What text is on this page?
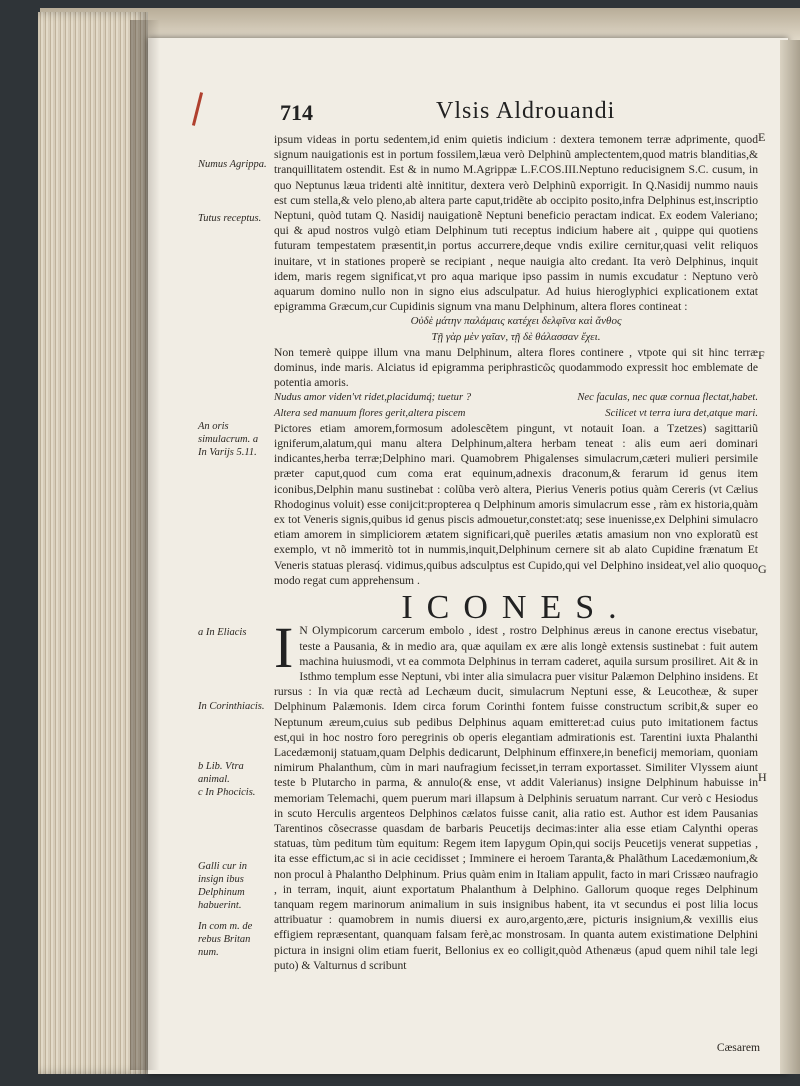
714	Vlsis Aldrouandi

ipsum videas in portu sedentem,id enim quietis indicium : dextera temonem terræ adprimente, quod signum nauigationis est in portum fossilem,læua verò Delphinũ amplectentem,quod matris blanditias,& tranquillitatem ostendit. Est & in numo M.Agrippæ L.F.COS.III.Neptuno reducisignem S.C. cusum, in quo Neptunus læua tridenti altè innititur, dextera verò Delphinũ exporrigit. In Q.Nasidij nummo nauis est cum stella,& velo pleno,ab altera parte caput,tridẽte ab occipito posito,infra Delphinus est,inscriptio Neptuni, quòd tutam Q. Nasidij nauigationẽ Neptuni beneficio peractam indicat. Ex eodem Valeriano; qui & apud nostros vulgò etiam Delphinum tuti receptus indicium habere ait , quippe qui quotiens futuram tempestatem præsentit,in portus accurrere,deque vndis exilire cernitur,quasi velit reliquos inuitare, vt in stationes properè se recipiant , neque nauigia alto credant. Ita verò Delphinus, inquit idem, maris regem significat,vt pro aqua marique ipso passim in numis excudatur : Neptuno verò aquarum domino nullo non in signo eius adsculpatur. Ad huius hieroglyphici explicationem extat epigramma Græcum,cur Cupidinis signum vna manu Delphinum, altera flores contineat :

Οὐδὲ μάτην παλάμαις κατέχει δελφῖνα καὶ ἄνθος
Τῇ γὰρ μὲν γαῖαν, τῇ δὲ θάλασσαν ἔχει.

Non temerè quippe illum vna manu Delphinum, altera flores continere , vtpote qui sit hinc terræ dominus, inde maris. Alciatus id epigramma periphrasticῶς quodammodo expressit hoc emblemate de potentia amoris.

Nudus amor viden'vt ridet,placidumq́; tuetur ?	Nec faculas, nec quæ cornua flectat,habet.
Altera sed manuum flores gerit,altera piscem	Scilicet vt terra iura det,atque mari.

Pictores etiam amorem,formosum adolescẽtem pingunt, vt notauit Ioan. a Tzetzes) sagittariũ igniferum,alatum,qui manu altera Delphinum,altera herbam teneat : alis eum aeri dominari indicantes,herba terræ;Delphino mari. Quamobrem Phigalenses simulacrum,cæteri mulieri persimile præter caput,quod cum coma erat equinum,adnexis draconum,& ferarum id genus item iconibus,Delphin manu sustinebat : colũba verò altera, Pierius Veneris potius quàm Cereris (vt Cælius Rhodoginus voluit) esse conijcit:propterea q Delphinum amoris simulacrum esse , ràm ex historia,quàm ex tot Veneris signis,quibus id genus piscis admouetur,constet:atq; sese inuenisse,ex Delphini simulacro etiam amorem in simpliciorem ætatem significari,quẽ pueriles ætatis amasium non vno exploratũ est exemplo, vt nõ immeritò tot in nummis,inquit,Delphinum cernere sit ab alato Cupidine frænatum Et Veneris statuas plerasq́. vidimus,quibus adsculptus est Cupido,qui vel Delphino insideat,vel alio quoquo modo regat cum apprehensum .

ICONES.

I N Olympicorum carcerum embolo , idest , rostro Delphinus æreus in canone erectus visebatur, teste a Pausania, & in medio ara, quæ aquilam ex ære alis longè extensis sustinebat : fuit autem machina huiusmodi, vt ea commota Delphinus in terram caderet, aquila sursum prosiliret. Ait & in Isthmo templum esse Neptuni, vbi inter alia simulacra puer visitur Palæmon Delphino insidens. Et rursus : In via quæ rectà ad Lechæum ducit, simulacrum Neptuni esse, & Leucotheæ, & super Delphinum Palæmonis. Idem circa forum Corinthi fontem fuisse constructum scribit,& super eo Neptunum æreum,cuius sub pedibus Delphinus aquam emitteret:ad cuius puto imitationem factus est,qui in hoc nostro foro peregrinis ob operis elegantiam admirationis est. Tarentini iuxta Phalanthi Lacedæmonij statuam,quam Delphis dedicarunt, Delphinum effinxere,in beneficij memoriam, quoniam nimirum Phalanthum, cùm in mari naufragium fecisset,in terram exportasset. Similiter Vlyssem aiunt teste b Plutarcho in parma, & annulo(& ense, vt addit Valerianus) insigne Delphinum habuisse in memoriam Telemachi, quem puerum mari illapsum à Delphinis seruatum narrant. Cur verò c Hesiodus in scuto Herculis argenteos Delphinos cælatos fuisse canit, alia ratio est. Author est idem Pausanias Tarentinos cõsecrasse quasdam de barbaris Peucetijs decimas:inter alia esse etiam Calynthi operas statuas, tùm peditum tùm equitum: Regem item Iapygum Opin,qui socijs Peucetijs venerat suppetias , ita esse effictum,ac si in acie cecidisset ; Imminere ei heroem Taranta,& Phalãthum Lacedæmonium,& non procul à Phalantho Delphinum. Prius quàm enim in Italiam appulit, facto in mari Crissæo naufragio , in terram, inquit, aiunt exportatum Phalanthum à Delphino. Gallorum quoque reges Delphinum tanquam regem marinorum animalium in suis insignibus habent, ita vt secundus ei post lilia locus attribuatur : quamobrem in numis diuersi ex auro,argento,ære, picturis insignium,& vexillis eius effigiem repræsentant, quanquam falsam ferè,ac monstrosam. In quanta autem existimatione Delphini pictura in insigni olim etiam fuerit, Bellonius ex eo colligit,quòd Athenæus (apud quem nihil tale legi puto) & Valturnus d scribunt

Cæsarem
Numus Agrippa.
Tutus receptus.
An oris simulacrum. a In Varijs 5.11.
a In Eliacis
In Corinthiacis.
b Lib. Vtra animal.
c In Phocicis.
Galli cur in insign ibus Delphinum habuerint.
In com m. de rebus Britan num.
E
F
G
H
